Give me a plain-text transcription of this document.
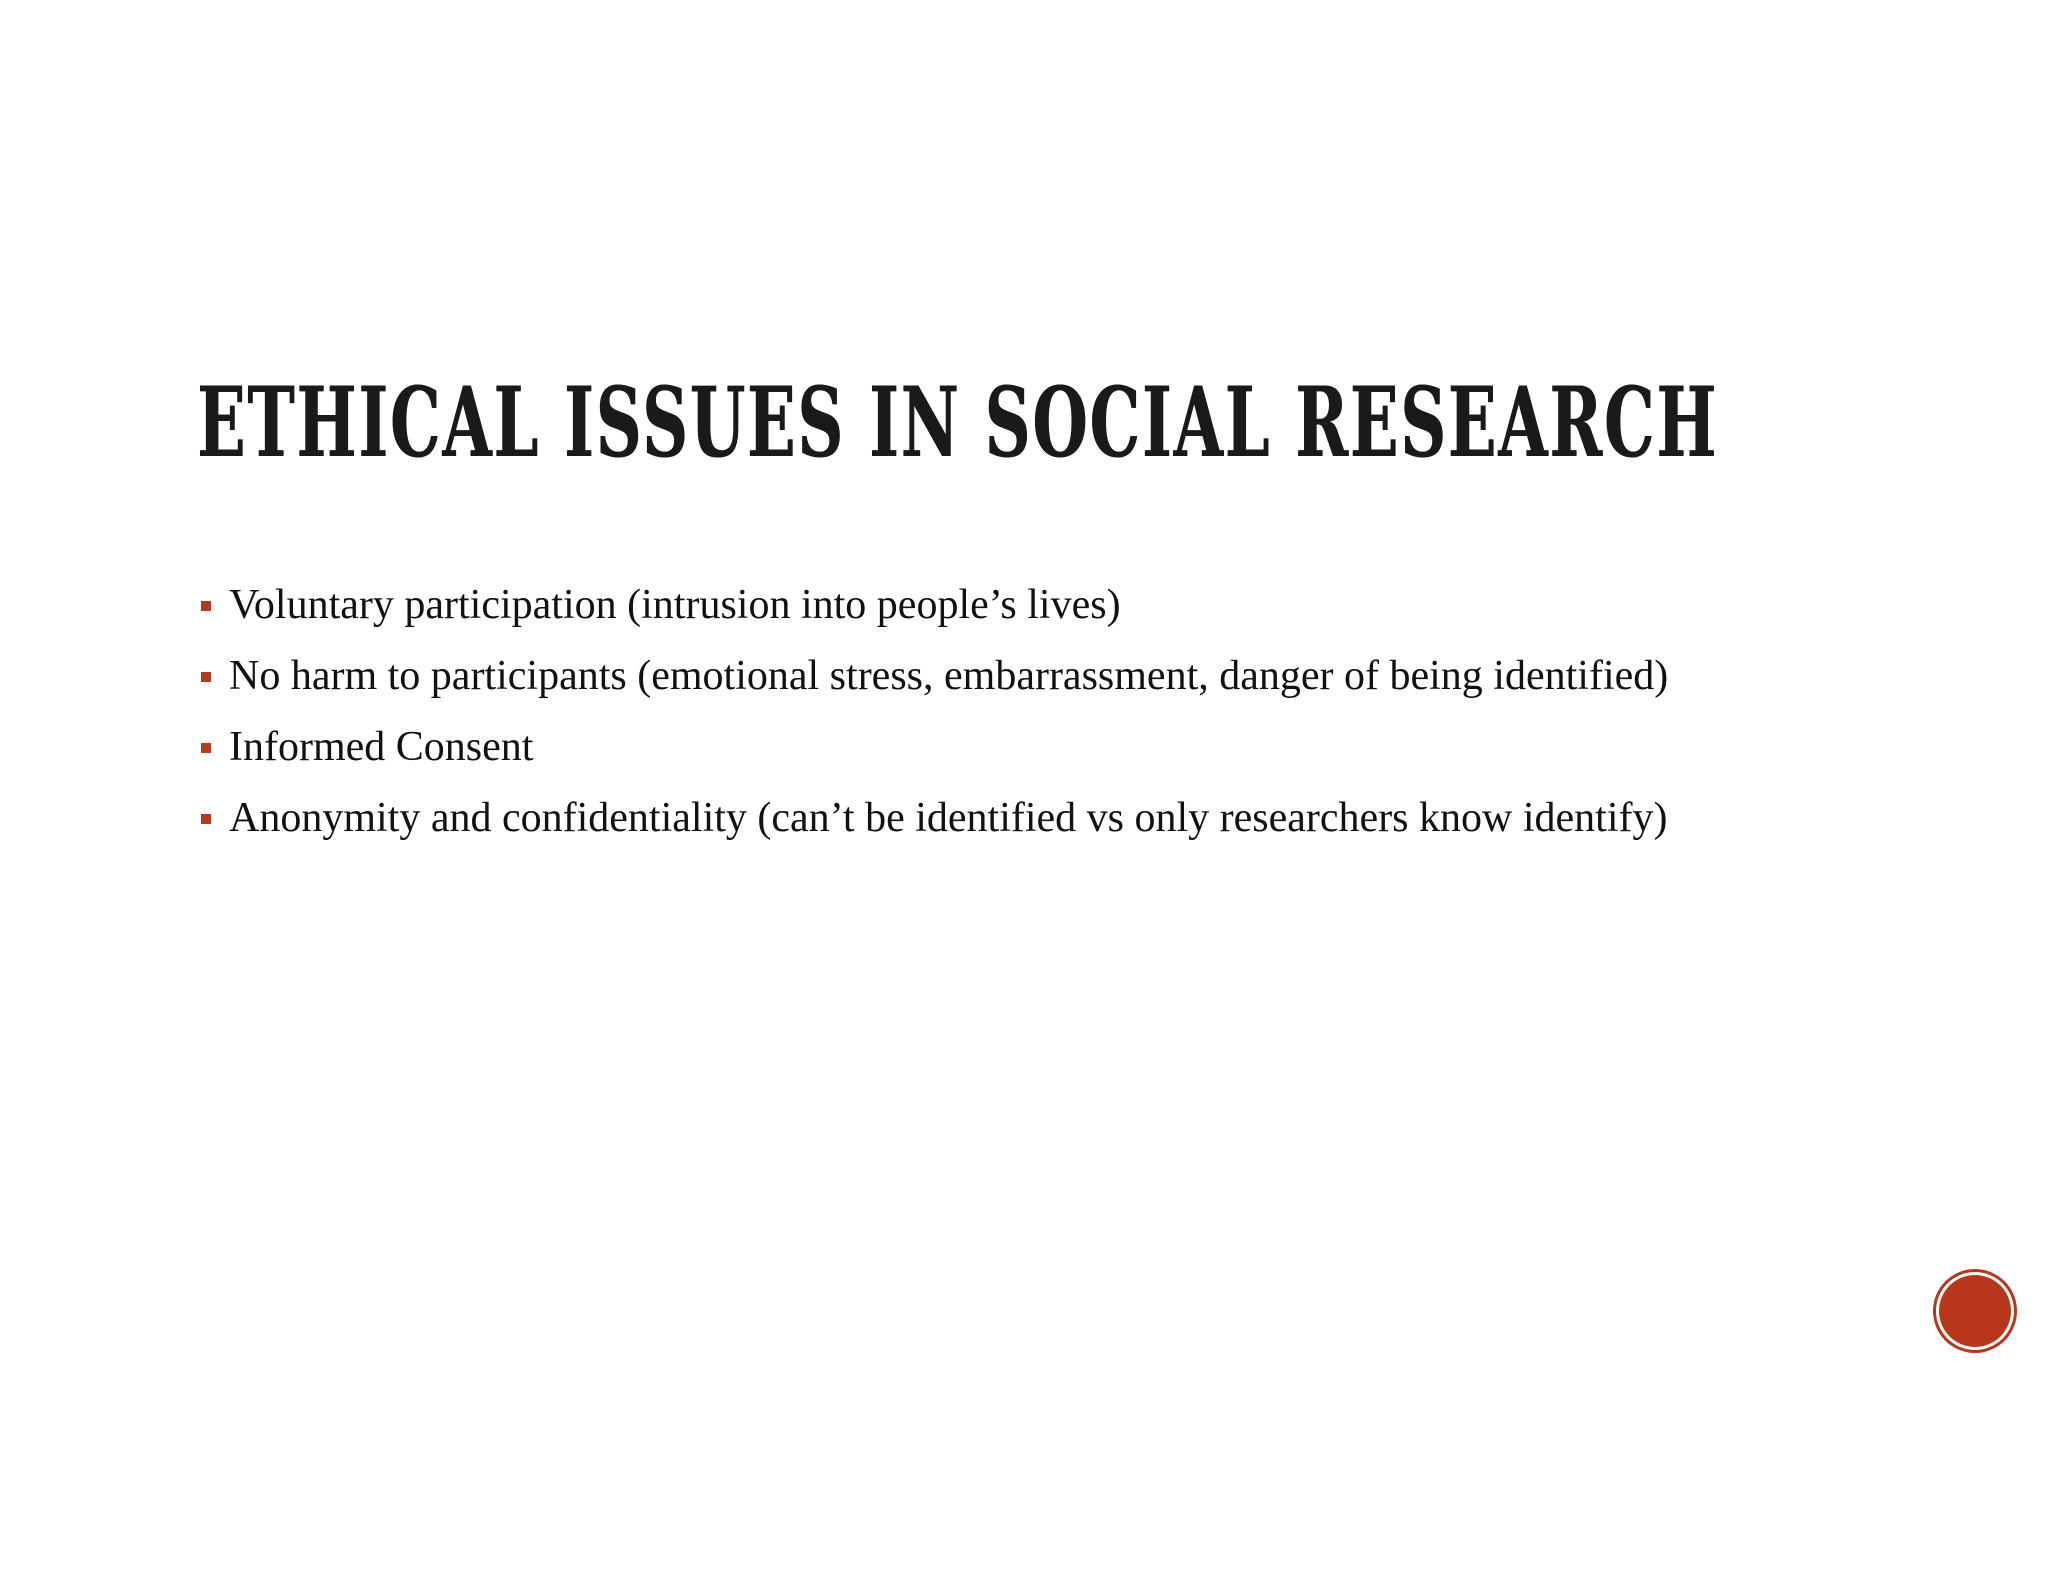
ETHICAL ISSUES IN SOCIAL RESEARCH
Voluntary participation (intrusion into people’s lives)
No harm to participants (emotional stress, embarrassment, danger of being identified)
Informed Consent
Anonymity and confidentiality (can’t be identified vs only researchers know identify)
